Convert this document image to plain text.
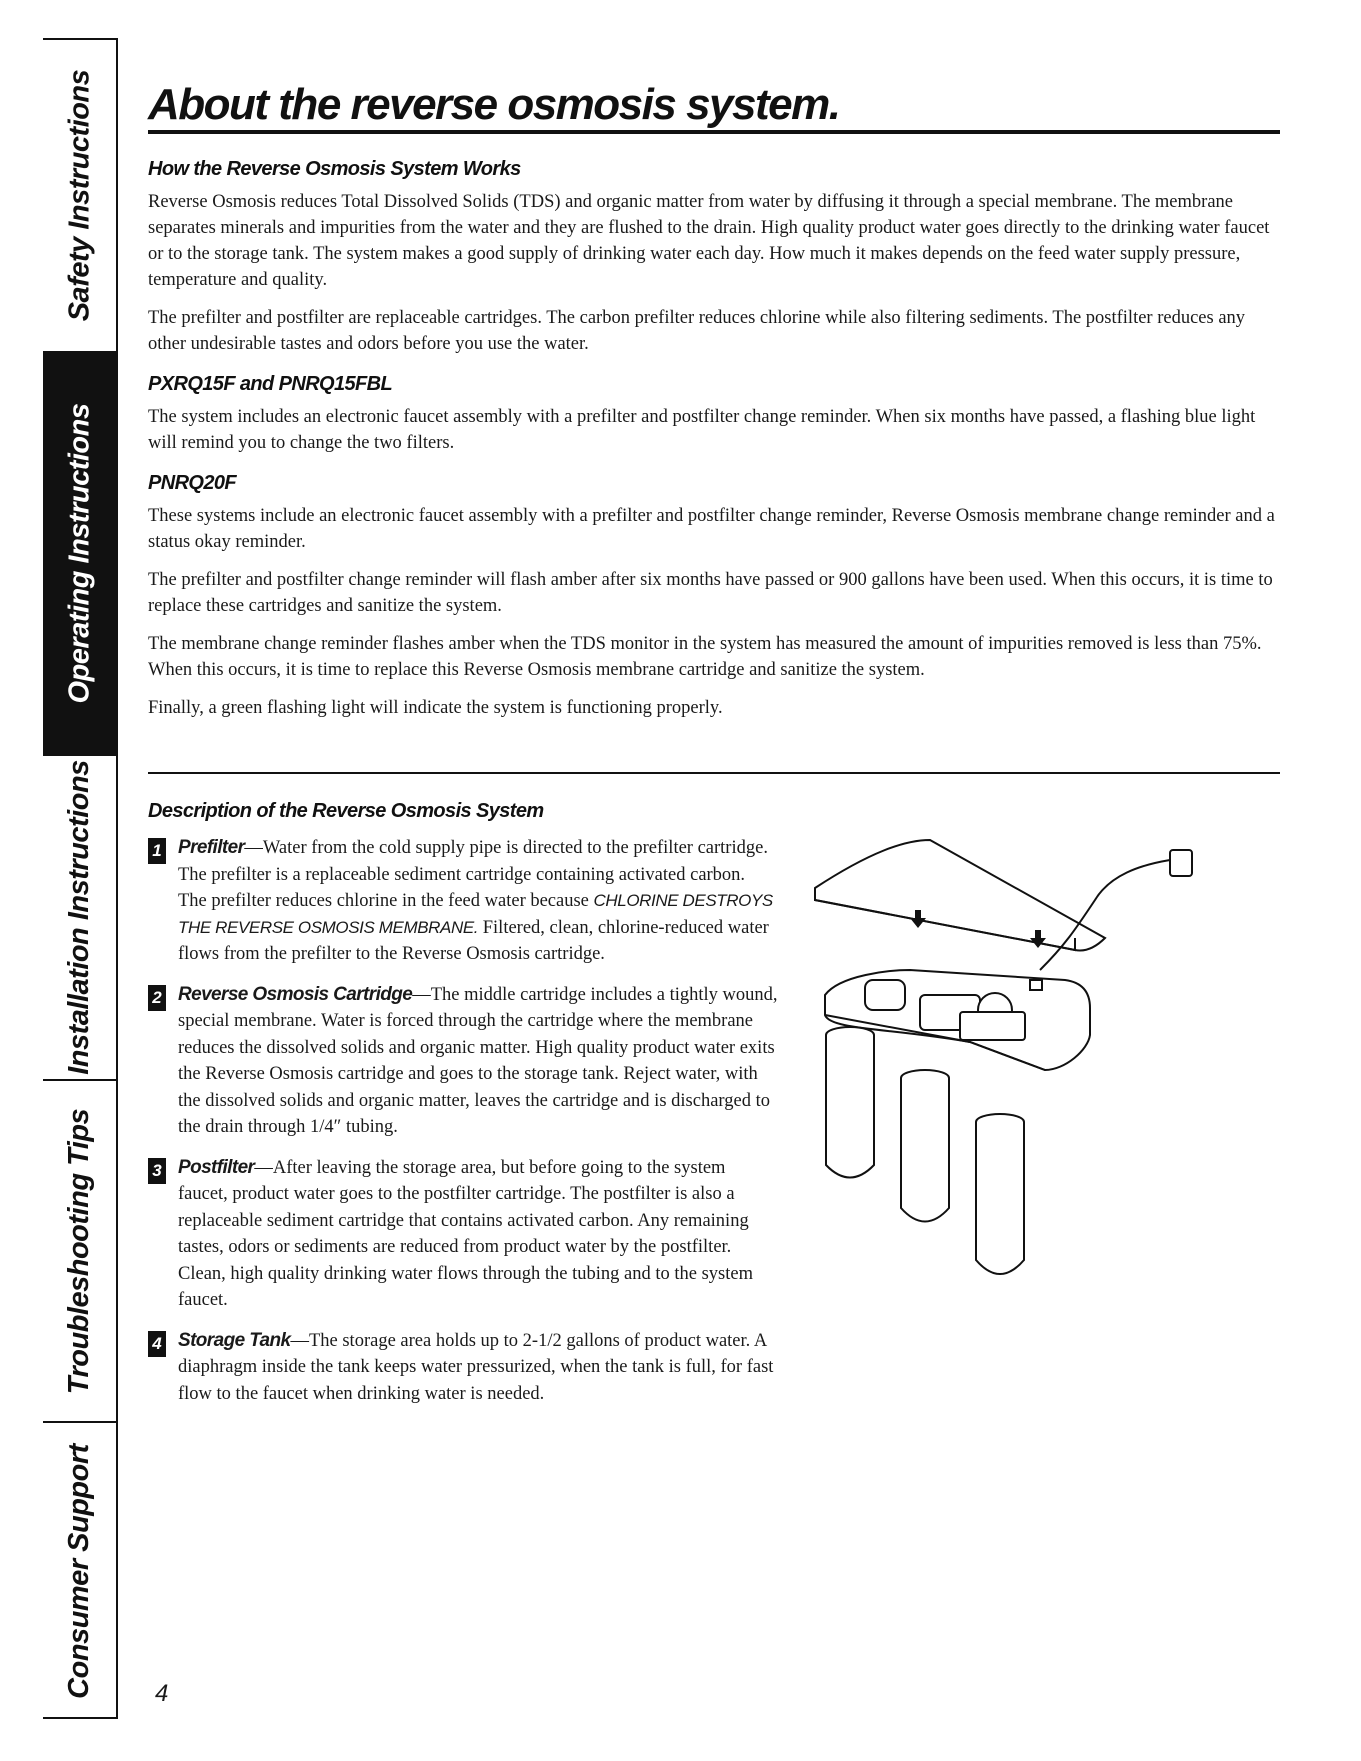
Safety Instructions
Operating Instructions
Installation Instructions
Troubleshooting Tips
Consumer Support
About the reverse osmosis system.
How the Reverse Osmosis System Works

Reverse Osmosis reduces Total Dissolved Solids (TDS) and organic matter from water by diffusing it through a special membrane. The membrane separates minerals and impurities from the water and they are flushed to the drain. High quality product water goes directly to the drinking water faucet or to the storage tank. The system makes a good supply of drinking water each day. How much it makes depends on the feed water supply pressure, temperature and quality.

The prefilter and postfilter are replaceable cartridges. The carbon prefilter reduces chlorine while also filtering sediments. The postfilter reduces any other undesirable tastes and odors before you use the water.

PXRQ15F and PNRQ15FBL

The system includes an electronic faucet assembly with a prefilter and postfilter change reminder. When six months have passed, a flashing blue light will remind you to change the two filters.

PNRQ20F

These systems include an electronic faucet assembly with a prefilter and postfilter change reminder, Reverse Osmosis membrane change reminder and a status okay reminder.

The prefilter and postfilter change reminder will flash amber after six months have passed or 900 gallons have been used. When this occurs, it is time to replace these cartridges and sanitize the system.

The membrane change reminder flashes amber when the TDS monitor in the system has measured the amount of impurities removed is less than 75%. When this occurs, it is time to replace this Reverse Osmosis membrane cartridge and sanitize the system.

Finally, a green flashing light will indicate the system is functioning properly.

Description of the Reverse Osmosis System
1 Prefilter—Water from the cold supply pipe is directed to the prefilter cartridge. The prefilter is a replaceable sediment cartridge containing activated carbon. The prefilter reduces chlorine in the feed water because CHLORINE DESTROYS THE REVERSE OSMOSIS MEMBRANE. Filtered, clean, chlorine-reduced water flows from the prefilter to the Reverse Osmosis cartridge.
2 Reverse Osmosis Cartridge—The middle cartridge includes a tightly wound, special membrane. Water is forced through the cartridge where the membrane reduces the dissolved solids and organic matter. High quality product water exits the Reverse Osmosis cartridge and goes to the storage tank. Reject water, with the dissolved solids and organic matter, leaves the cartridge and is discharged to the drain through 1/4″ tubing.
3 Postfilter—After leaving the storage area, but before going to the system faucet, product water goes to the postfilter cartridge. The postfilter is also a replaceable sediment cartridge that contains activated carbon. Any remaining tastes, odors or sediments are reduced from product water by the postfilter. Clean, high quality drinking water flows through the tubing and to the system faucet.
4 Storage Tank—The storage area holds up to 2-1/2 gallons of product water. A diaphragm inside the tank keeps water pressurized, when the tank is full, for fast flow to the faucet when drinking water is needed.
4
